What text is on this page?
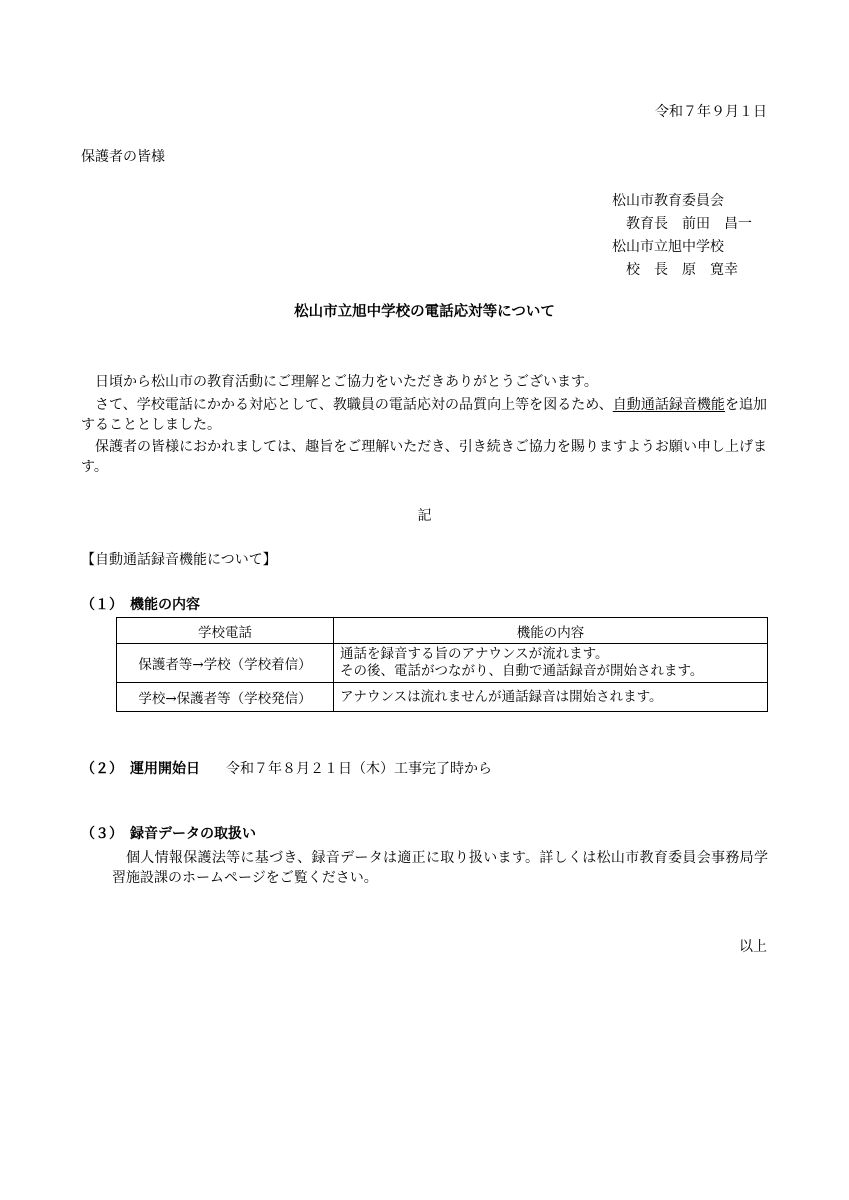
令和７年９月１日
保護者の皆様
松山市教育委員会
教育長　前田　昌一
松山市立旭中学校
校　長　原　寛幸
松山市立旭中学校の電話応対等について
日頃から松山市の教育活動にご理解とご協力をいただきありがとうございます。
さて、学校電話にかかる対応として、教職員の電話応対の品質向上等を図るため、自動通話録音機能を追加することとしました。
保護者の皆様におかれましては、趣旨をご理解いただき、引き続きご協力を賜りますようお願い申し上げます。
記
【自動通話録音機能について】
（１）　機能の内容
学校電話	機能の内容
保護者等→学校（学校着信）	通話を録音する旨のアナウンスが流れます。
その後、電話がつながり、自動で通話録音が開始されます。

学校→保護者等（学校発信）	アナウンスは流れませんが通話録音は開始されます。
（２）　運用開始日 令和７年８月２１日（木）工事完了時から
（３）　録音データの取扱い
個人情報保護法等に基づき、録音データは適正に取り扱います。詳しくは松山市教育委員会事務局学習施設課のホームページをご覧ください。
以上
